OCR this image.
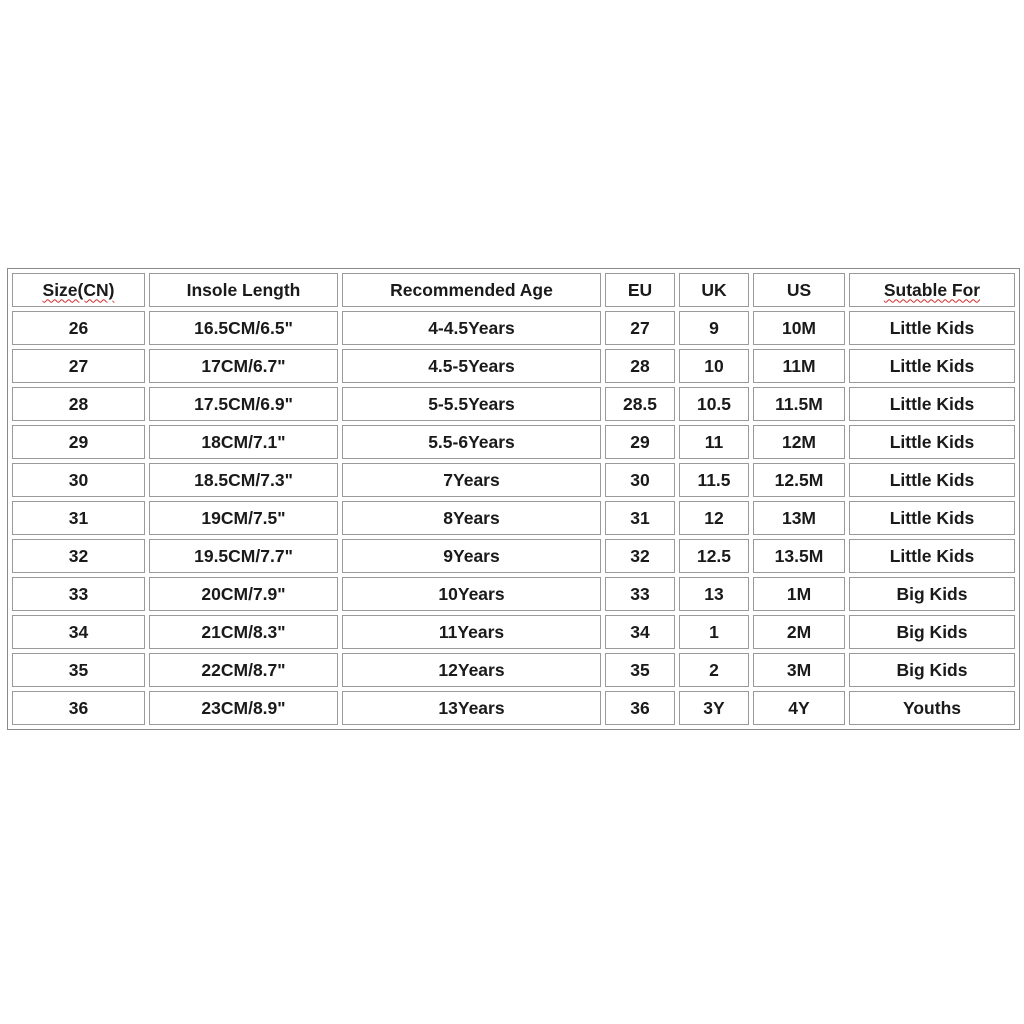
Size(CN)	Insole Length	Recommended Age	EU	UK	US	Sutable For
26	16.5CM/6.5"	4-4.5Years	27	9	10M	Little Kids
27	17CM/6.7"	4.5-5Years	28	10	11M	Little Kids
28	17.5CM/6.9"	5-5.5Years	28.5	10.5	11.5M	Little Kids
29	18CM/7.1"	5.5-6Years	29	11	12M	Little Kids
30	18.5CM/7.3"	7Years	30	11.5	12.5M	Little Kids
31	19CM/7.5"	8Years	31	12	13M	Little Kids
32	19.5CM/7.7"	9Years	32	12.5	13.5M	Little Kids
33	20CM/7.9"	10Years	33	13	1M	Big Kids
34	21CM/8.3"	11Years	34	1	2M	Big Kids
35	22CM/8.7"	12Years	35	2	3M	Big Kids
36	23CM/8.9"	13Years	36	3Y	4Y	Youths
